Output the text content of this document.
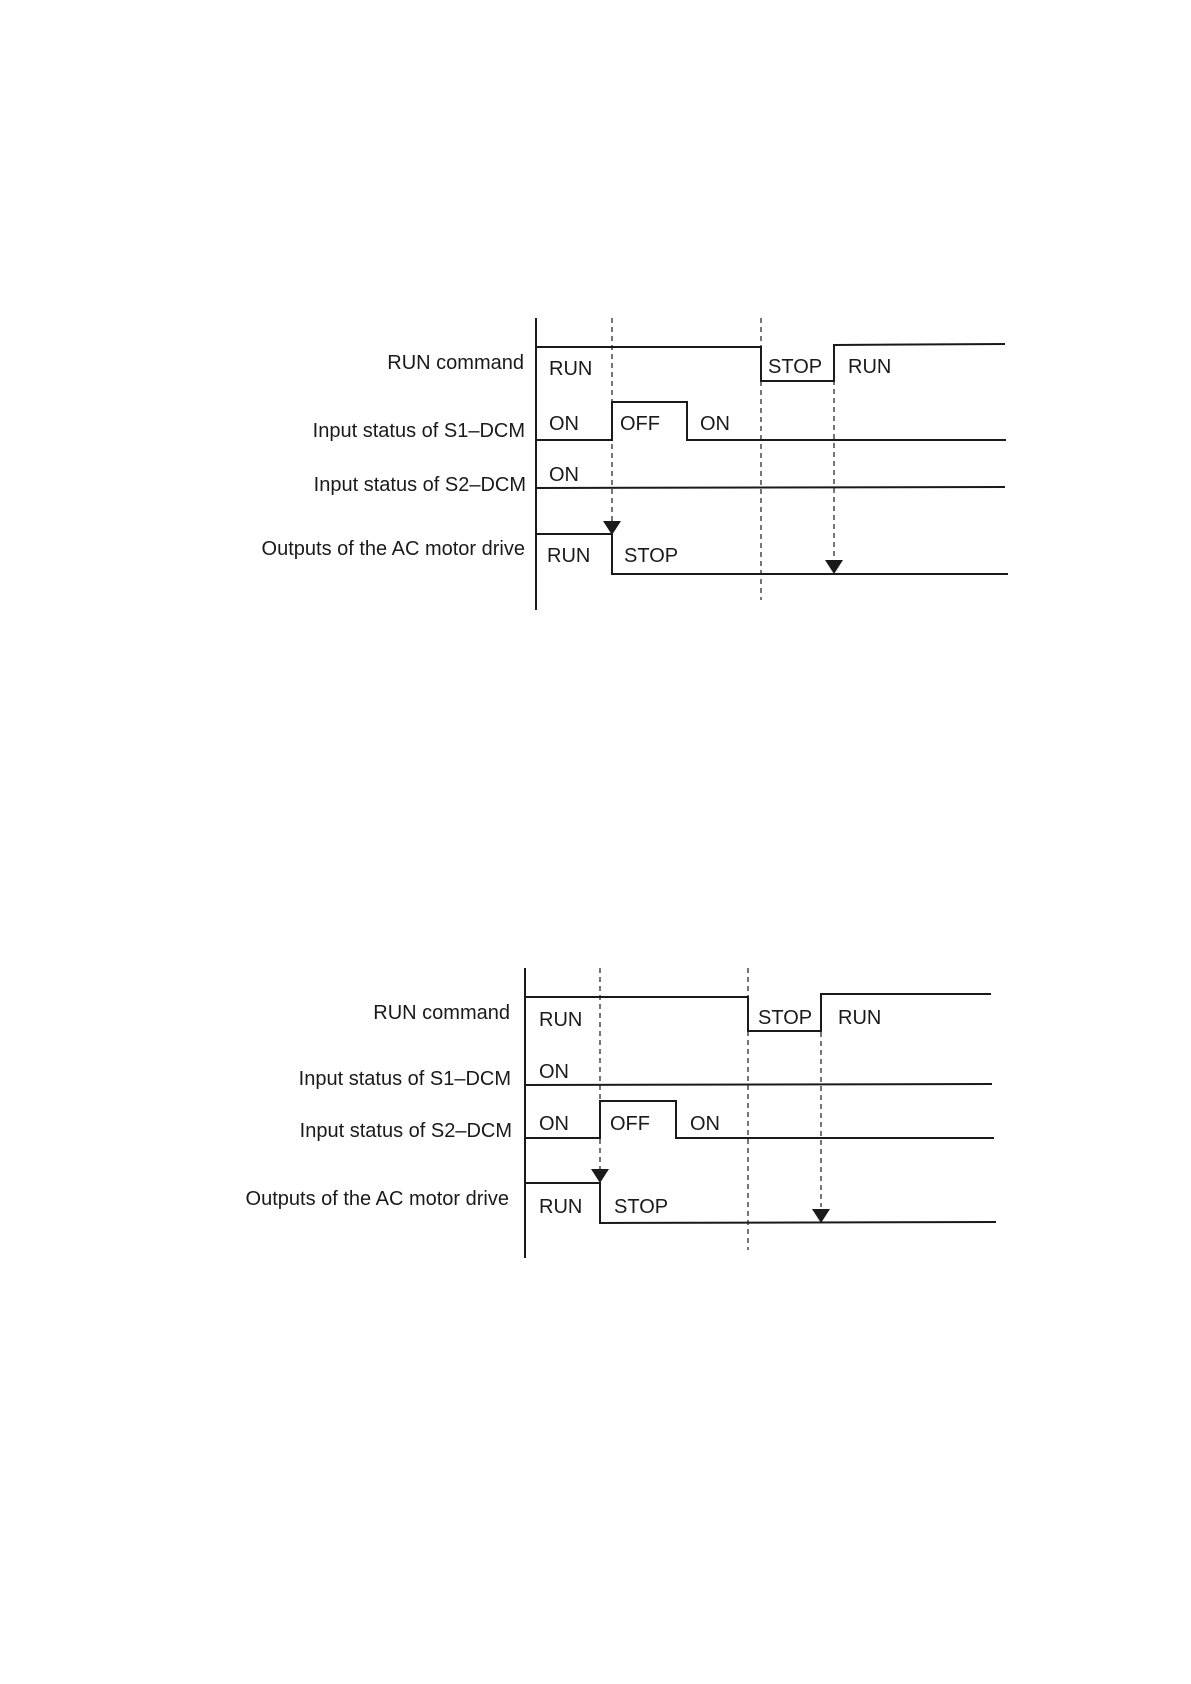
RUN command
Input status of S1–DCM
Input status of S2–DCM
Outputs of the AC motor drive
RUN	STOP RUN
ON OFF ON
ON
RUN STOP
RUN command
Input status of S1–DCM
Input status of S2–DCM
Outputs of the AC motor drive
RUN	STOP RUN
ON
ON OFF ON
RUN STOP
